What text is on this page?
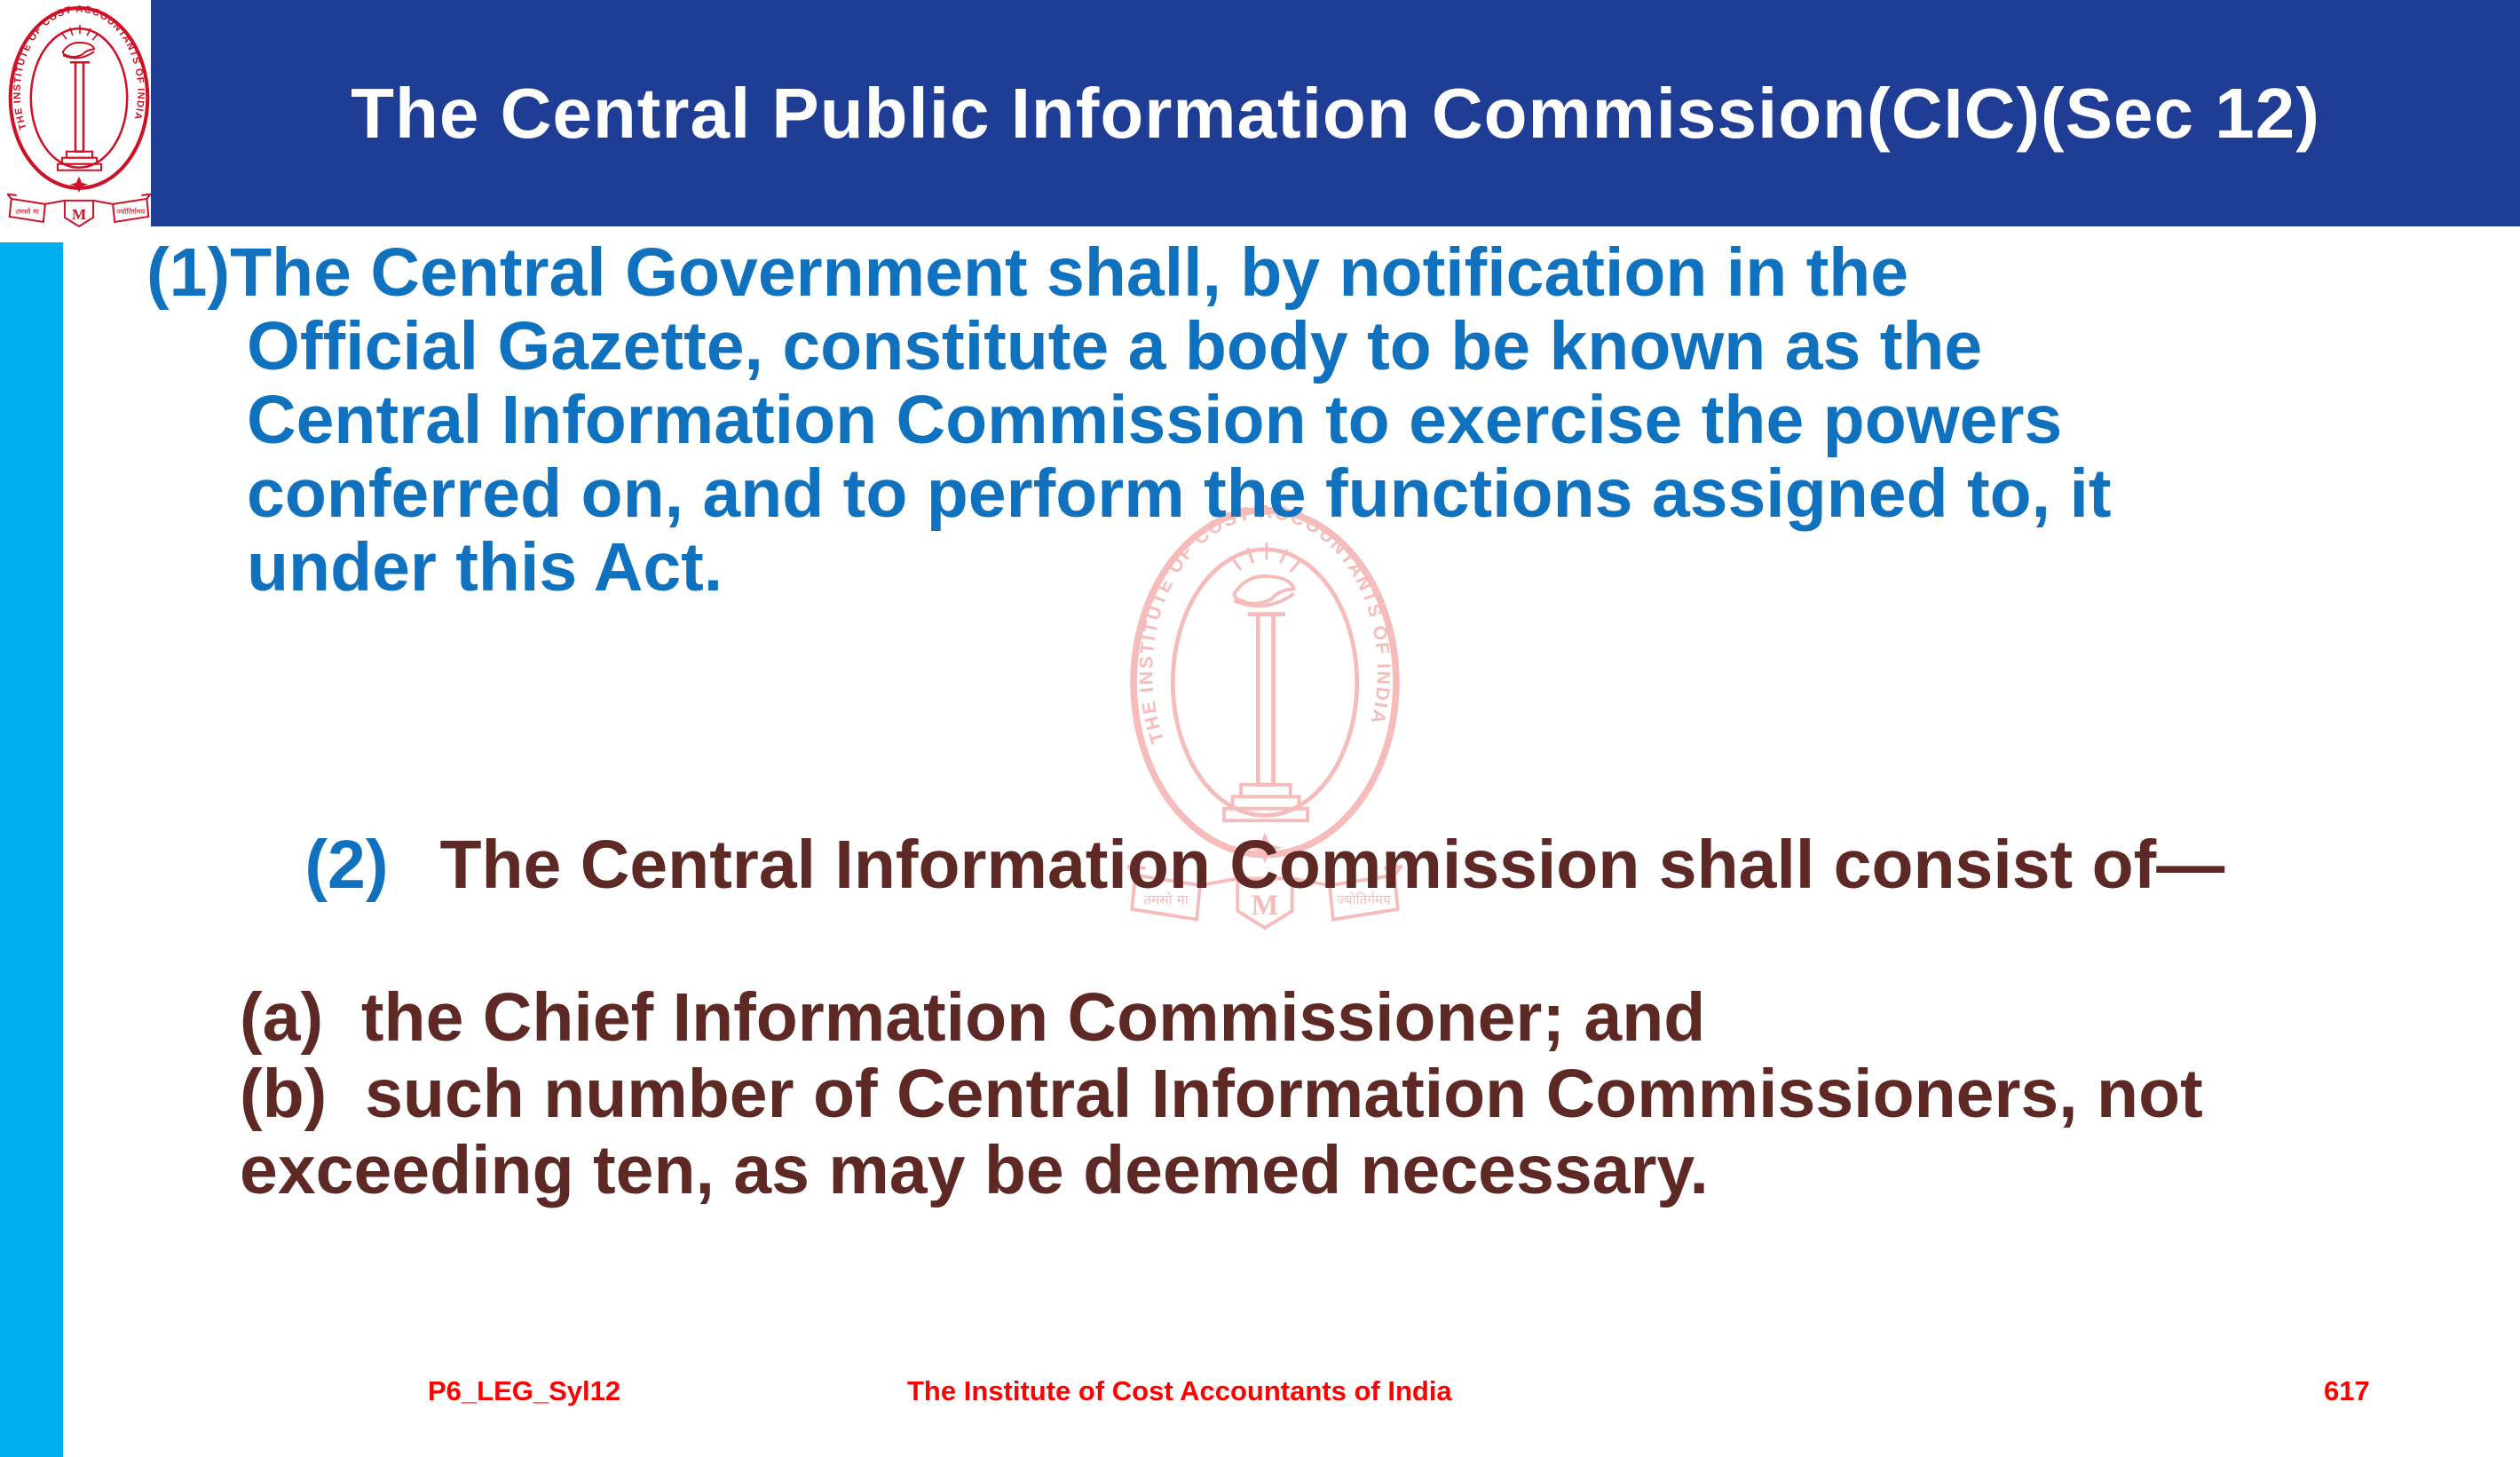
The Central Public Information Commission(CIC)(Sec 12)
(1)The Central Government shall, by notification in the
Official Gazette, constitute a body to be known as the
Central Information Commission to exercise the powers
conferred on, and to perform the functions assigned to, it
under this Act.

(2) The Central Information Commission shall consist of—

(a)  the Chief Information Commissioner; and
(b)  such number of Central Information Commissioners, not
exceeding ten, as may be deemed necessary.
P6_LEG_Syl12	The Institute of Cost Accountants of India	617
